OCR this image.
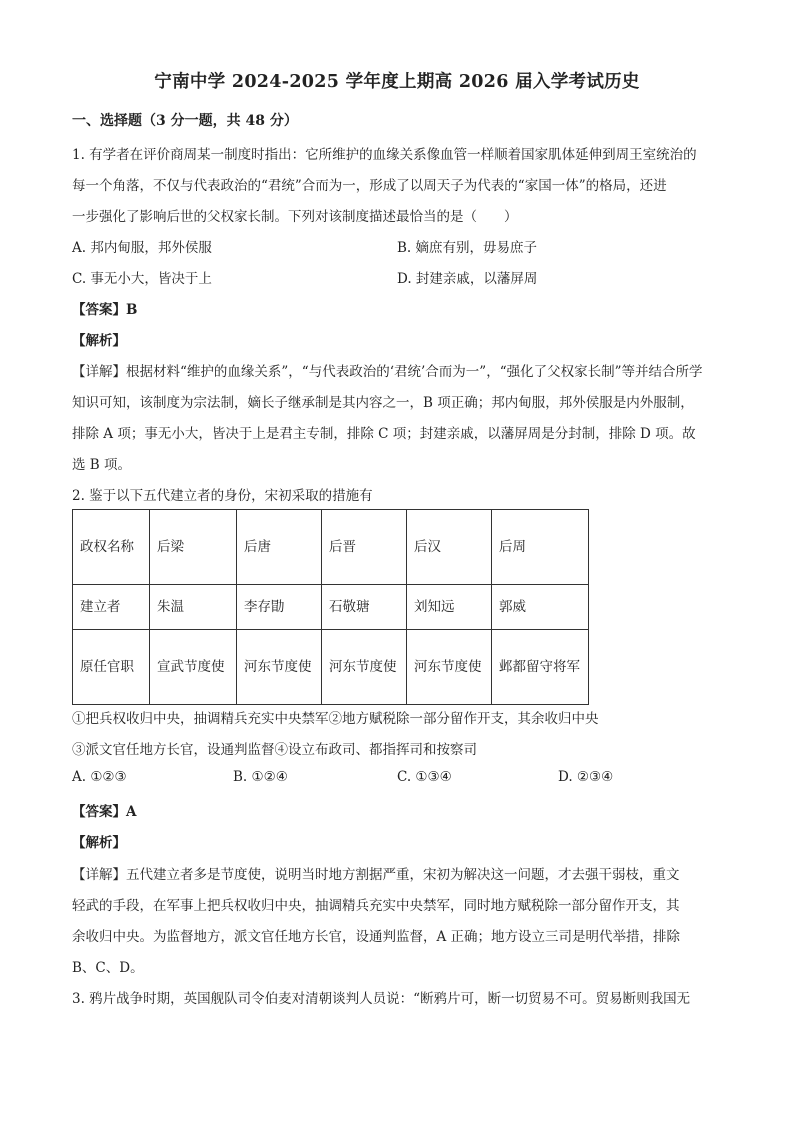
宁南中学 2024-2025 学年度上期高 2026 届入学考试历史
一、选择题（3 分一题，共 48 分）
1. 有学者在评价商周某一制度时指出：它所维护的血缘关系像血管一样顺着国家肌体延伸到周王室统治的
每一个角落，不仅与代表政治的“君统”合而为一，形成了以周天子为代表的“家国一体”的格局，还进
一步强化了影响后世的父权家长制。下列对该制度描述最恰当的是（　　）
A. 邦内甸服，邦外侯服	B. 嫡庶有别，毋易庶子
C. 事无小大，皆决于上	D. 封建亲戚，以藩屏周
【答案】B
【解析】
【详解】根据材料“维护的血缘关系”，“与代表政治的‘君统’合而为一”，“强化了父权家长制”等并结合所学
知识可知，该制度为宗法制，嫡长子继承制是其内容之一，B 项正确；邦内甸服，邦外侯服是内外服制，
排除 A 项；事无小大，皆决于上是君主专制，排除 C 项；封建亲戚，以藩屏周是分封制，排除 D 项。故
选 B 项。
2. 鉴于以下五代建立者的身份，宋初采取的措施有
政权名称	后梁	后唐	后晋	后汉	后周
建立者	朱温	李存勖	石敬瑭	刘知远	郭威
原任官职	宣武节度使	河东节度使	河东节度使	河东节度使	邺都留守将军
①把兵权收归中央，抽调精兵充实中央禁军②地方赋税除一部分留作开支，其余收归中央
③派文官任地方长官，设通判监督④设立布政司、都指挥司和按察司
A. ①②③	B. ①②④	C. ①③④	D. ②③④
【答案】A
【解析】
【详解】五代建立者多是节度使，说明当时地方割据严重，宋初为解决这一问题，才去强干弱枝，重文
轻武的手段，在军事上把兵权收归中央，抽调精兵充实中央禁军，同时地方赋税除一部分留作开支，其
余收归中央。为监督地方，派文官任地方长官，设通判监督，A 正确；地方设立三司是明代举措，排除
B、C、D。
3. 鸦片战争时期，英国舰队司令伯麦对清朝谈判人员说：“断鸦片可，断一切贸易不可。贸易断则我国无
